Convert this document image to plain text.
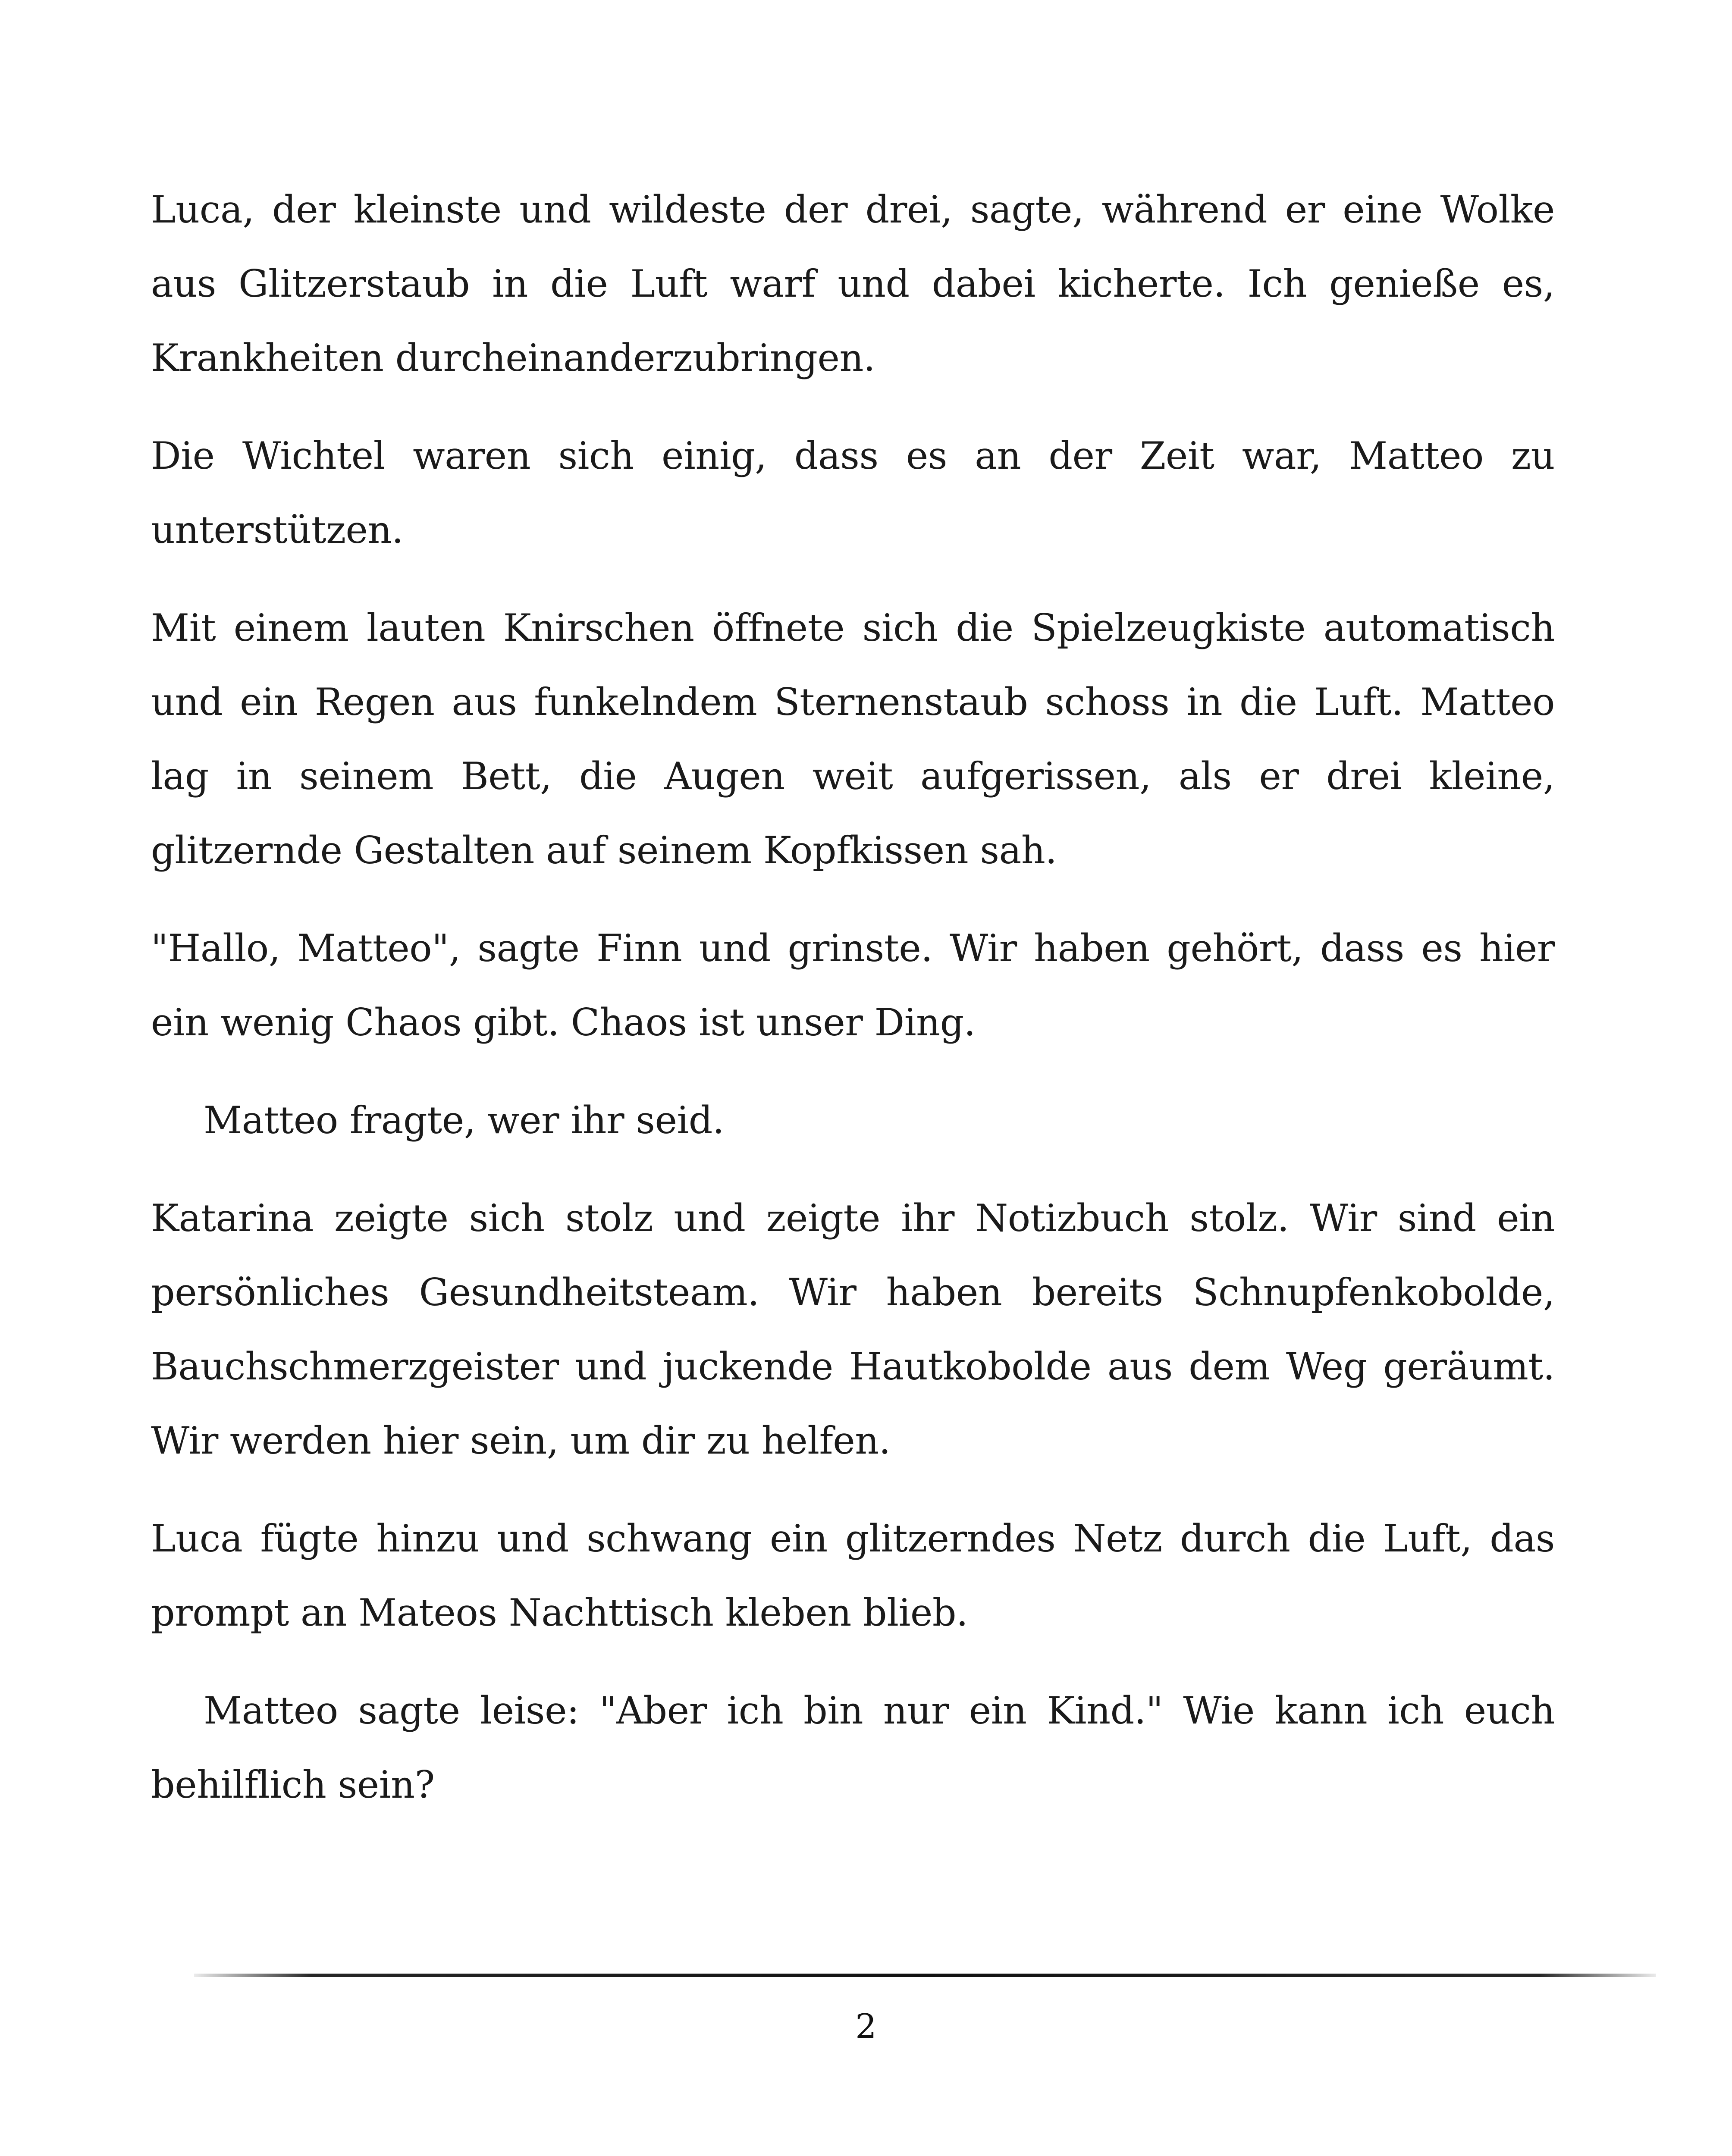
Luca, der kleinste und wildeste der drei, sagte, während er eine Wolke aus Glitzerstaub in die Luft warf und dabei kicherte. Ich genieße es, Krankheiten durcheinanderzubringen.

Die Wichtel waren sich einig, dass es an der Zeit war, Matteo zu unterstützen.

Mit einem lauten Knirschen öffnete sich die Spielzeugkiste automatisch und ein Regen aus funkelndem Sternenstaub schoss in die Luft. Matteo lag in seinem Bett, die Augen weit aufgerissen, als er drei kleine, glitzernde Gestalten auf seinem Kopfkissen sah.

"Hallo, Matteo", sagte Finn und grinste. Wir haben gehört, dass es hier ein wenig Chaos gibt. Chaos ist unser Ding.

Matteo fragte, wer ihr seid.

Katarina zeigte sich stolz und zeigte ihr Notizbuch stolz. Wir sind ein persönliches Gesundheitsteam. Wir haben bereits Schnupfenkobolde, Bauchschmerzgeister und juckende Hautkobolde aus dem Weg geräumt. Wir werden hier sein, um dir zu helfen.

Luca fügte hinzu und schwang ein glitzerndes Netz durch die Luft, das prompt an Mateos Nachttisch kleben blieb.

Matteo sagte leise: "Aber ich bin nur ein Kind." Wie kann ich euch behilflich sein?

2
